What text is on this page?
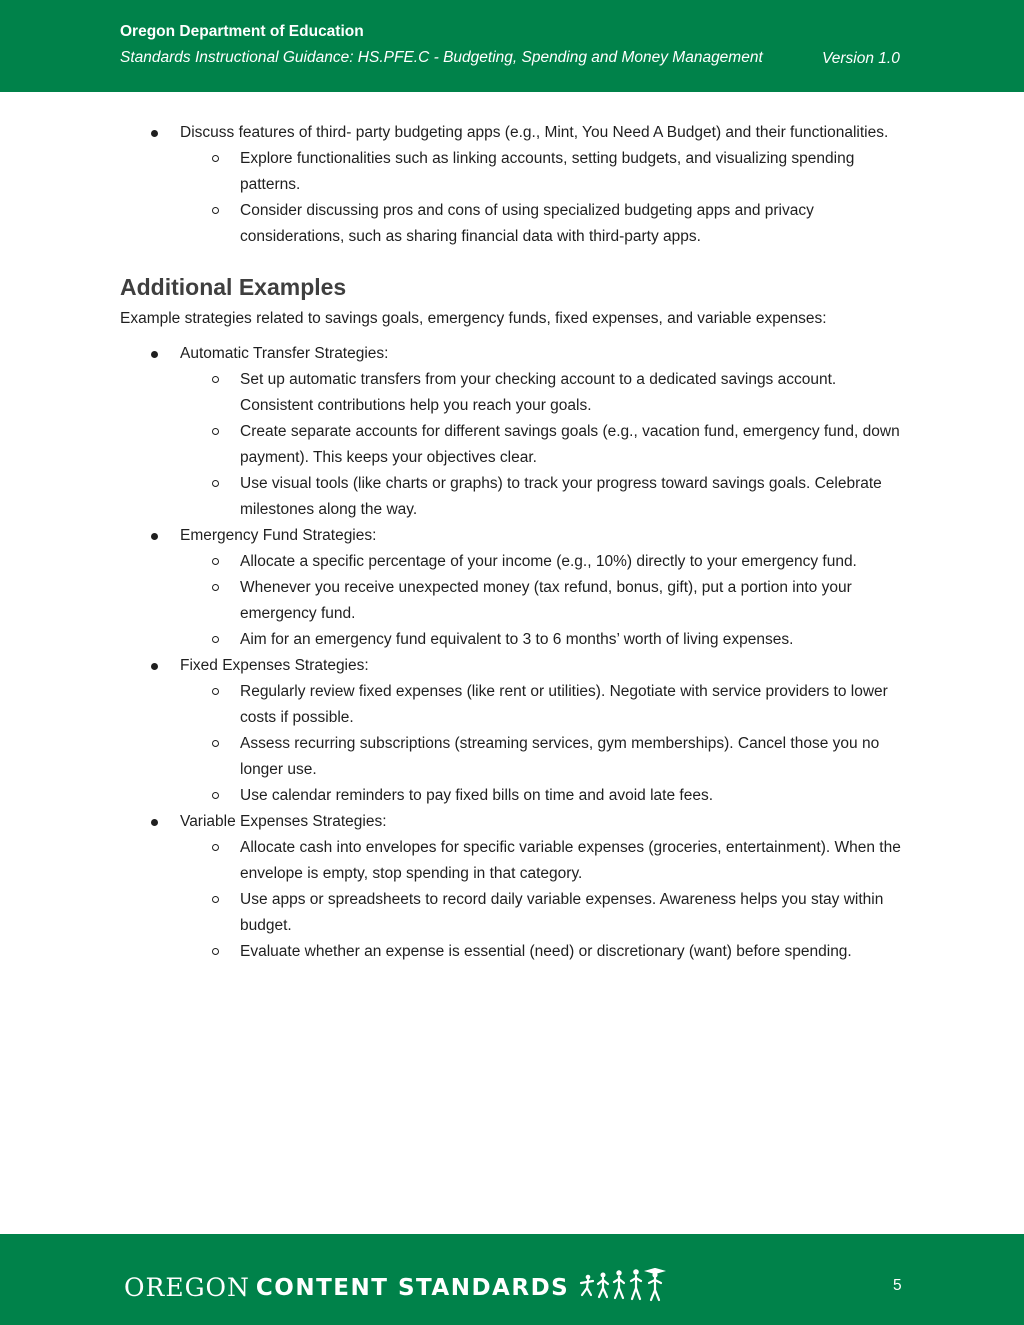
Oregon Department of Education
Standards Instructional Guidance: HS.PFE.C - Budgeting, Spending and Money Management	Version 1.0
Discuss features of third- party budgeting apps (e.g., Mint, You Need A Budget) and their functionalities.
Explore functionalities such as linking accounts, setting budgets, and visualizing spending patterns.
Consider discussing pros and cons of using specialized budgeting apps and privacy considerations, such as sharing financial data with third-party apps.
Additional Examples
Example strategies related to savings goals, emergency funds, fixed expenses, and variable expenses:
Automatic Transfer Strategies:
Set up automatic transfers from your checking account to a dedicated savings account. Consistent contributions help you reach your goals.
Create separate accounts for different savings goals (e.g., vacation fund, emergency fund, down payment). This keeps your objectives clear.
Use visual tools (like charts or graphs) to track your progress toward savings goals. Celebrate milestones along the way.
Emergency Fund Strategies:
Allocate a specific percentage of your income (e.g., 10%) directly to your emergency fund.
Whenever you receive unexpected money (tax refund, bonus, gift), put a portion into your emergency fund.
Aim for an emergency fund equivalent to 3 to 6 months’ worth of living expenses.
Fixed Expenses Strategies:
Regularly review fixed expenses (like rent or utilities). Negotiate with service providers to lower costs if possible.
Assess recurring subscriptions (streaming services, gym memberships). Cancel those you no longer use.
Use calendar reminders to pay fixed bills on time and avoid late fees.
Variable Expenses Strategies:
Allocate cash into envelopes for specific variable expenses (groceries, entertainment). When the envelope is empty, stop spending in that category.
Use apps or spreadsheets to record daily variable expenses. Awareness helps you stay within budget.
Evaluate whether an expense is essential (need) or discretionary (want) before spending.
OREGON CONTENT STANDARDS	5
